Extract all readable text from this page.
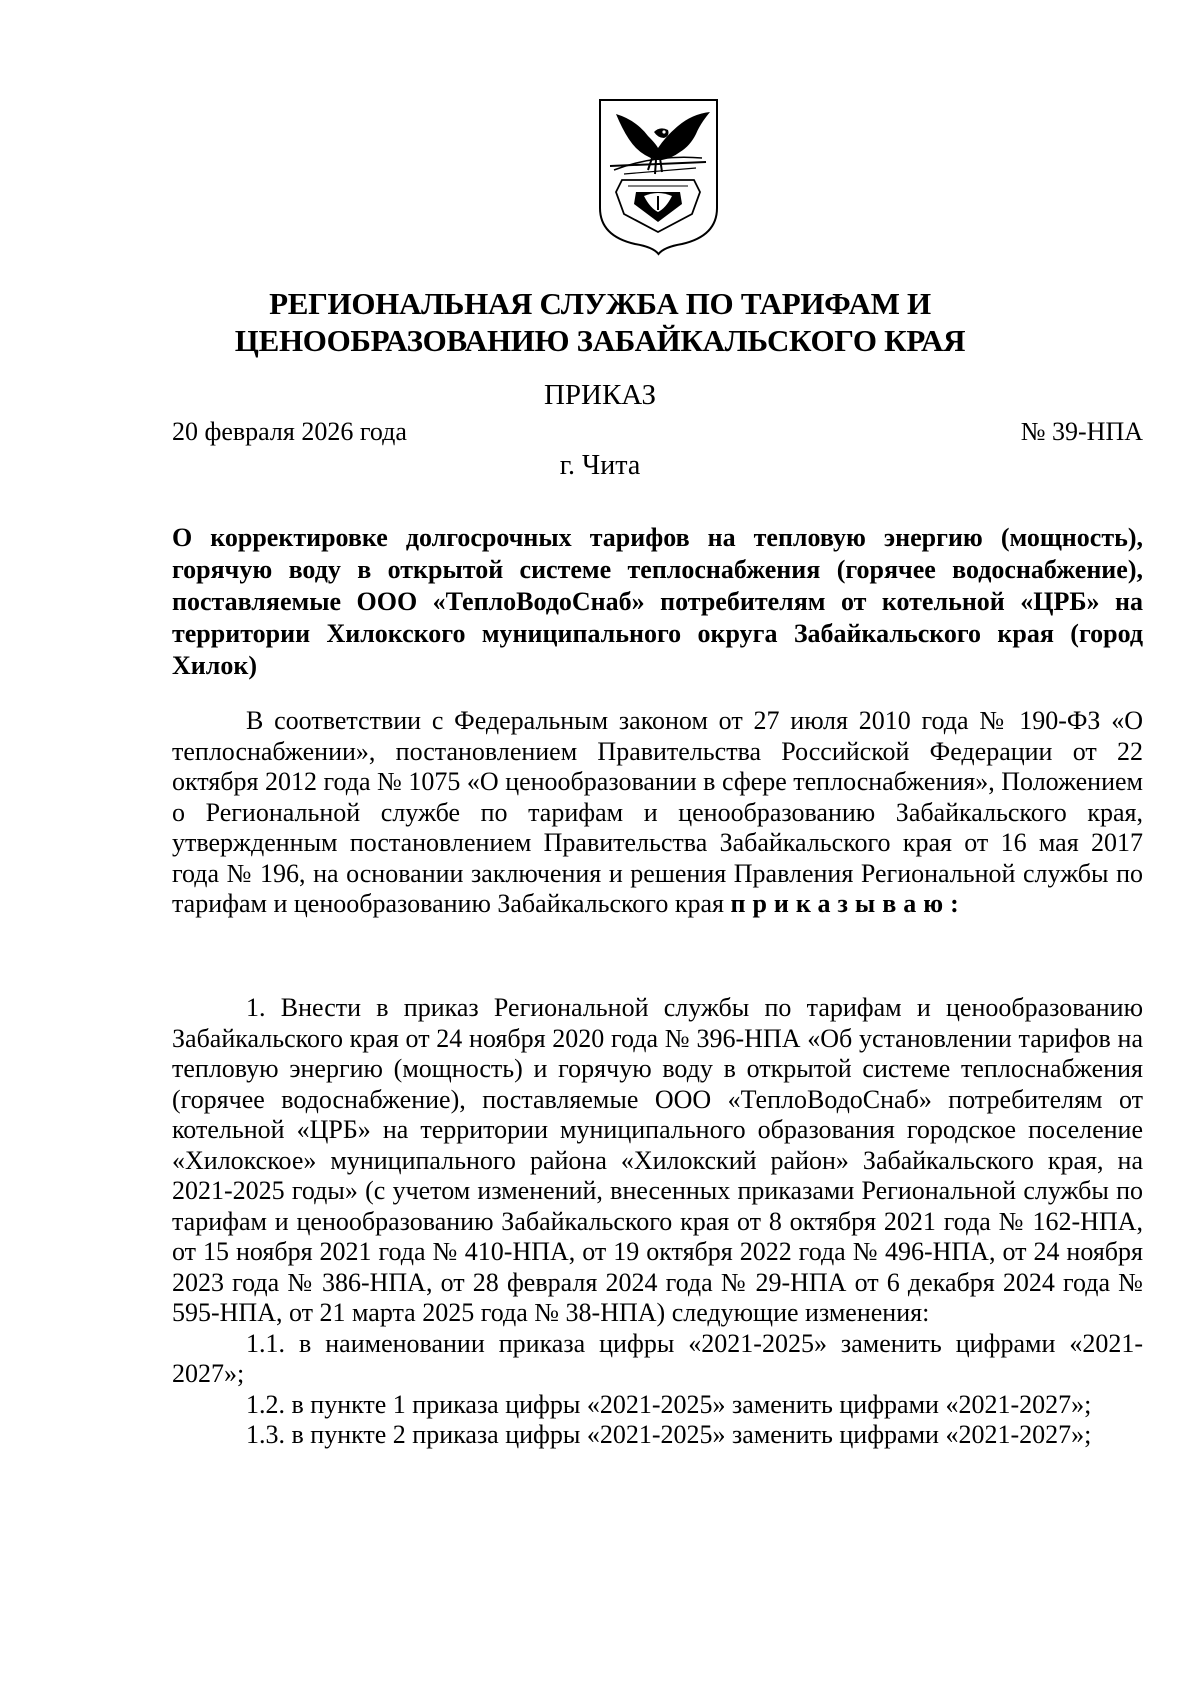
РЕГИОНАЛЬНАЯ СЛУЖБА ПО ТАРИФАМ И
ЦЕНООБРАЗОВАНИЮ ЗАБАЙКАЛЬСКОГО КРАЯ
ПРИКАЗ
20 февраля 2026 года	№ 39-НПА
г. Чита
О корректировке долгосрочных тарифов на тепловую энергию (мощность), горячую воду в открытой системе теплоснабжения (горячее водоснабжение), поставляемые ООО «ТеплоВодоСнаб» потребителям от котельной «ЦРБ» на территории Хилокского муниципального округа Забайкальского края (город Хилок)
В соответствии с Федеральным законом от 27 июля 2010 года № 190-ФЗ «О теплоснабжении», постановлением Правительства Российской Федерации от 22 октября 2012 года № 1075 «О ценообразовании в сфере теплоснабжения», Положением о Региональной службе по тарифам и ценообразованию Забайкальского края, утвержденным постановлением Правительства Забайкальского края от 16 мая 2017 года № 196, на основании заключения и решения Правления Региональной службы по тарифам и ценообразованию Забайкальского края приказываю:
1. Внести в приказ Региональной службы по тарифам и ценообразованию Забайкальского края от 24 ноября 2020 года № 396-НПА «Об установлении тарифов на тепловую энергию (мощность) и горячую воду в открытой системе теплоснабжения (горячее водоснабжение), поставляемые ООО «ТеплоВодоСнаб» потребителям от котельной «ЦРБ» на территории муниципального образования городское поселение «Хилокское» муниципального района «Хилокский район» Забайкальского края, на 2021-2025 годы» (с учетом изменений, внесенных приказами Региональной службы по тарифам и ценообразованию Забайкальского края от 8 октября 2021 года № 162-НПА, от 15 ноября 2021 года № 410-НПА, от 19 октября 2022 года № 496-НПА, от 24 ноября 2023 года № 386-НПА, от 28 февраля 2024 года № 29-НПА от 6 декабря 2024 года № 595-НПА, от 21 марта 2025 года № 38-НПА) следующие изменения:
1.1. в наименовании приказа цифры «2021-2025» заменить цифрами «2021-2027»;
1.2. в пункте 1 приказа цифры «2021-2025» заменить цифрами «2021-2027»;
1.3. в пункте 2 приказа цифры «2021-2025» заменить цифрами «2021-2027»;
